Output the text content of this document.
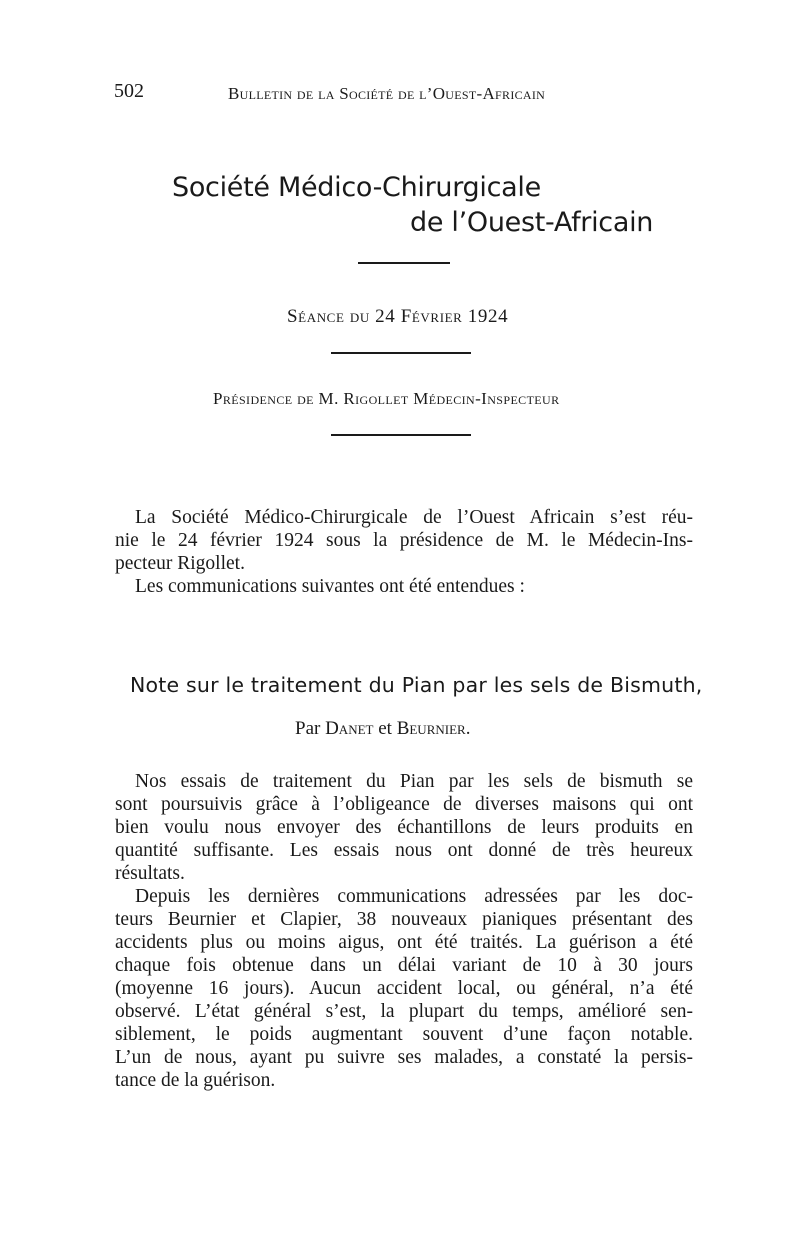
502	Bulletin de la Société de l’Ouest-Africain
Société Médico-Chirurgicale
de l’Ouest-Africain
Séance du 24 Février 1924
Présidence de M. Rigollet Médecin-Inspecteur
La Société Médico-Chirurgicale de l’Ouest Africain s’est réu-
nie le 24 février 1924 sous la présidence de M. le Médecin-Ins-
pecteur Rigollet.
Les communications suivantes ont été entendues :
Note sur le traitement du Pian par les sels de Bismuth,
Par Danet et Beurnier.
Nos essais de traitement du Pian par les sels de bismuth se
sont poursuivis grâce à l’obligeance de diverses maisons qui ont
bien voulu nous envoyer des échantillons de leurs produits en
quantité suffisante. Les essais nous ont donné de très heureux
résultats.
Depuis les dernières communications adressées par les doc-
teurs Beurnier et Clapier, 38 nouveaux pianiques présentant des
accidents plus ou moins aigus, ont été traités. La guérison a été
chaque fois obtenue dans un délai variant de 10 à 30 jours
(moyenne 16 jours). Aucun accident local, ou général, n’a été
observé. L’état général s’est, la plupart du temps, amélioré sen-
siblement, le poids augmentant souvent d’une façon notable.
L’un de nous, ayant pu suivre ses malades, a constaté la persis-
tance de la guérison.
